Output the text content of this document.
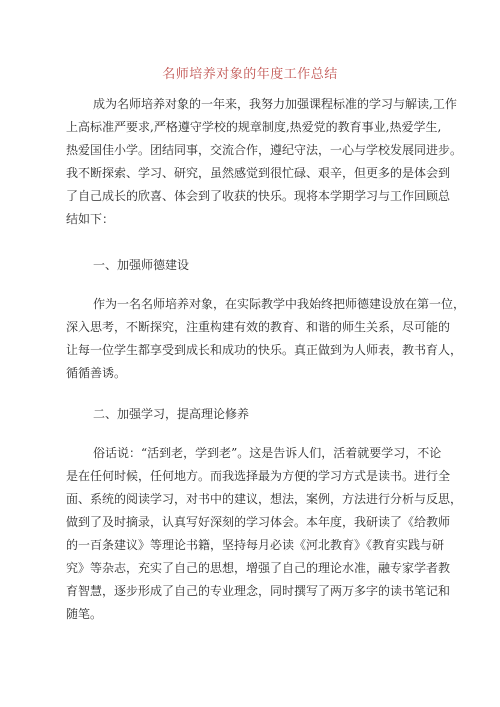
名师培养对象的年度工作总结
成为名师培养对象的一年来，我努力加强课程标准的学习与解读,工作
上高标准严要求,严格遵守学校的规章制度,热爱党的教育事业,热爱学生,
热爱国佳小学。团结同事，交流合作，遵纪守法，一心与学校发展同进步。
我不断探索、学习、研究，虽然感觉到很忙碌、艰辛，但更多的是体会到
了自己成长的欣喜、体会到了收获的快乐。现将本学期学习与工作回顾总
结如下：
一、加强师德建设
作为一名名师培养对象，在实际教学中我始终把师德建设放在第一位，
深入思考，不断探究，注重构建有效的教育、和谐的师生关系，尽可能的
让每一位学生都享受到成长和成功的快乐。真正做到为人师表，教书育人，
循循善诱。
二、加强学习，提高理论修养
俗话说：“活到老，学到老”。这是告诉人们，活着就要学习，不论
是在任何时候，任何地方。而我选择最为方便的学习方式是读书。进行全
面、系统的阅读学习，对书中的建议，想法，案例，方法进行分析与反思，
做到了及时摘录，认真写好深刻的学习体会。本年度，我研读了《给教师
的一百条建议》等理论书籍，坚持每月必读《河北教育》《教育实践与研
究》等杂志，充实了自己的思想，增强了自己的理论水准，融专家学者教
育智慧，逐步形成了自己的专业理念，同时撰写了两万多字的读书笔记和
随笔。
